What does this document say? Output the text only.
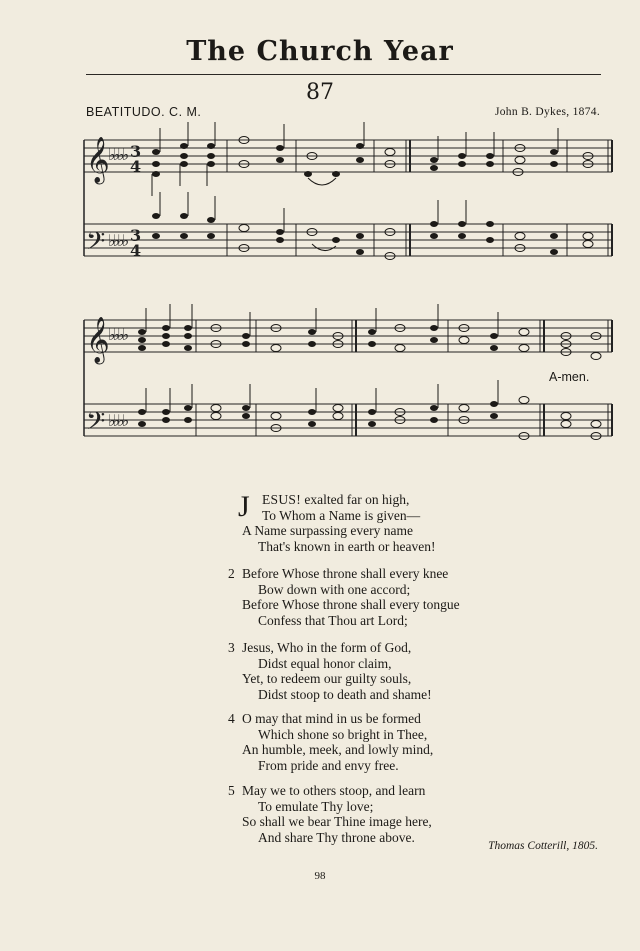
The Church Year
87
BEATITUDO. C. M.	John B. Dykes, 1874.
𝄞
𝄢
♭♭♭♭
♭♭♭♭
3
4
3
4
𝄞
𝄢
♭♭♭♭
♭♭♭♭
A-men.
J ESUS! exalted far on high,
To Whom a Name is given—
A Name surpassing every name
That's known in earth or heaven!
2 Before Whose throne shall every knee
Bow down with one accord;
Before Whose throne shall every tongue
Confess that Thou art Lord;
3 Jesus, Who in the form of God,
Didst equal honor claim,
Yet, to redeem our guilty souls,
Didst stoop to death and shame!
4 O may that mind in us be formed
Which shone so bright in Thee,
An humble, meek, and lowly mind,
From pride and envy free.
5 May we to others stoop, and learn
To emulate Thy love;
So shall we bear Thine image here,
And share Thy throne above.
Thomas Cotterill, 1805.
98
